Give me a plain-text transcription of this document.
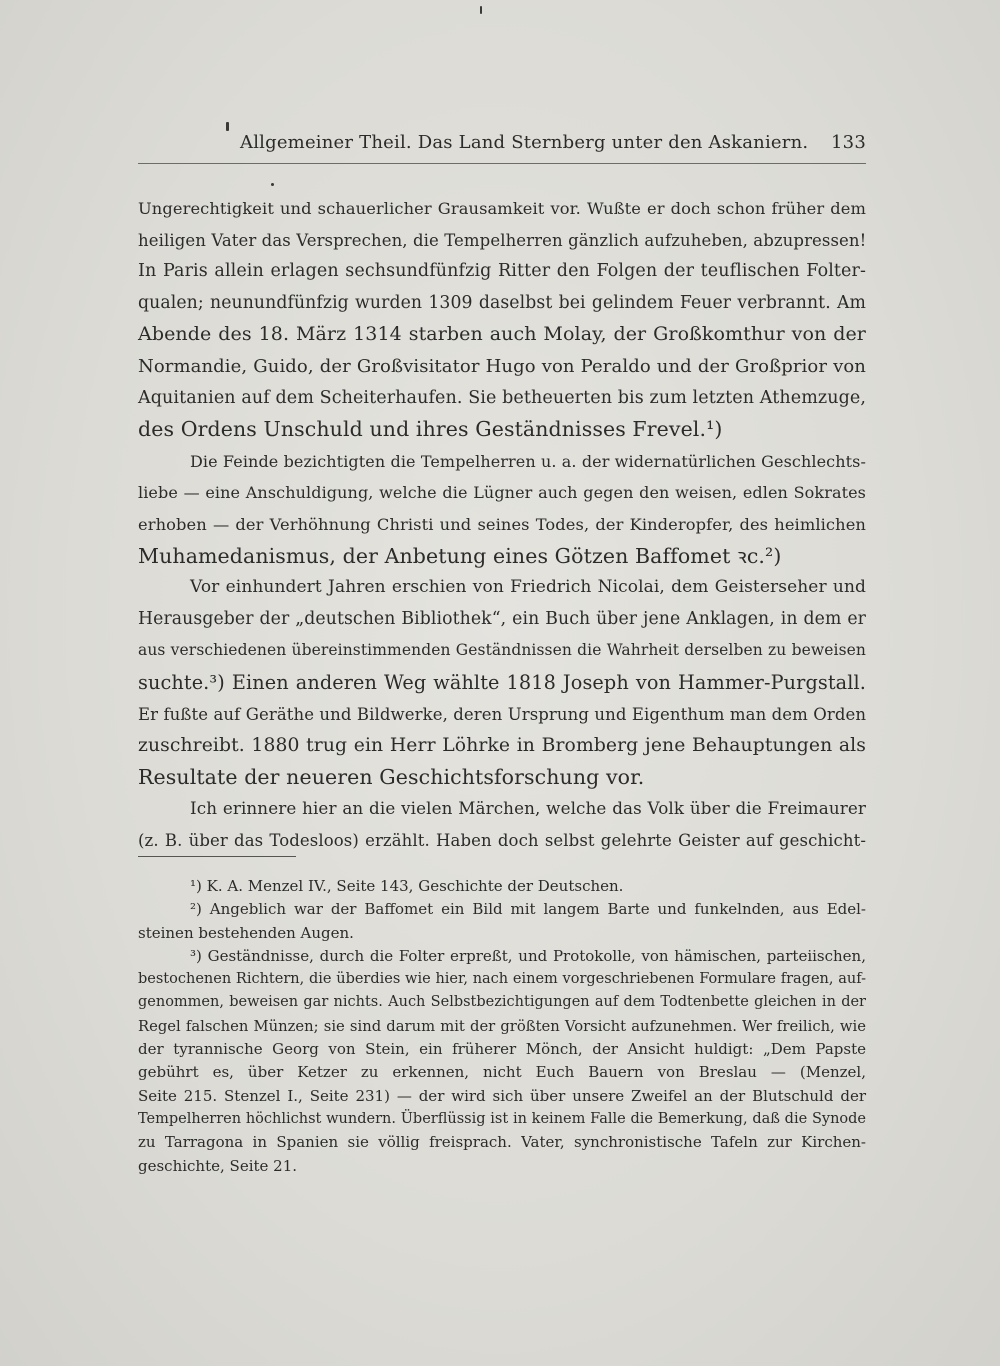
Allgemeiner Theil. Das Land Sternberg unter den Askaniern. 133
Ungerechtigkeit und schauerlicher Grausamkeit vor. Wußte er doch schon früher dem
heiligen Vater das Versprechen, die Tempelherren gänzlich aufzuheben, abzupressen!
In Paris allein erlagen sechsundfünfzig Ritter den Folgen der teuflischen Folter-
qualen; neunundfünfzig wurden 1309 daselbst bei gelindem Feuer verbrannt. Am
Abende des 18. März 1314 starben auch Molay, der Großkomthur von der
Normandie, Guido, der Großvisitator Hugo von Peraldo und der Großprior von
Aquitanien auf dem Scheiterhaufen. Sie betheuerten bis zum letzten Athemzuge,
des Ordens Unschuld und ihres Geständnisses Frevel.¹)
Die Feinde bezichtigten die Tempelherren u. a. der widernatürlichen Geschlechts-
liebe — eine Anschuldigung, welche die Lügner auch gegen den weisen, edlen Sokrates
erhoben — der Verhöhnung Christi und seines Todes, der Kinderopfer, des heimlichen
Muhamedanismus, der Anbetung eines Götzen Baffomet ꝛc.²)
Vor einhundert Jahren erschien von Friedrich Nicolai, dem Geisterseher und
Herausgeber der „deutschen Bibliothek“, ein Buch über jene Anklagen, in dem er
aus verschiedenen übereinstimmenden Geständnissen die Wahrheit derselben zu beweisen
suchte.³) Einen anderen Weg wählte 1818 Joseph von Hammer-Purgstall.
Er fußte auf Geräthe und Bildwerke, deren Ursprung und Eigenthum man dem Orden
zuschreibt. 1880 trug ein Herr Löhrke in Bromberg jene Behauptungen als
Resultate der neueren Geschichtsforschung vor.
Ich erinnere hier an die vielen Märchen, welche das Volk über die Freimaurer
(z. B. über das Todesloos) erzählt. Haben doch selbst gelehrte Geister auf geschicht-
¹) K. A. Menzel IV., Seite 143, Geschichte der Deutschen.
²) Angeblich war der Baffomet ein Bild mit langem Barte und funkelnden, aus Edel-
steinen bestehenden Augen.
³) Geständnisse, durch die Folter erpreßt, und Protokolle, von hämischen, parteiischen,
bestochenen Richtern, die überdies wie hier, nach einem vorgeschriebenen Formulare fragen, auf-
genommen, beweisen gar nichts. Auch Selbstbezichtigungen auf dem Todtenbette gleichen in der
Regel falschen Münzen; sie sind darum mit der größten Vorsicht aufzunehmen. Wer freilich, wie
der tyrannische Georg von Stein, ein früherer Mönch, der Ansicht huldigt: „Dem Papste
gebührt es, über Ketzer zu erkennen, nicht Euch Bauern von Breslau — (Menzel,
Seite 215. Stenzel I., Seite 231) — der wird sich über unsere Zweifel an der Blutschuld der
Tempelherren höchlichst wundern. Überflüssig ist in keinem Falle die Bemerkung, daß die Synode
zu Tarragona in Spanien sie völlig freisprach. Vater, synchronistische Tafeln zur Kirchen-
geschichte, Seite 21.
